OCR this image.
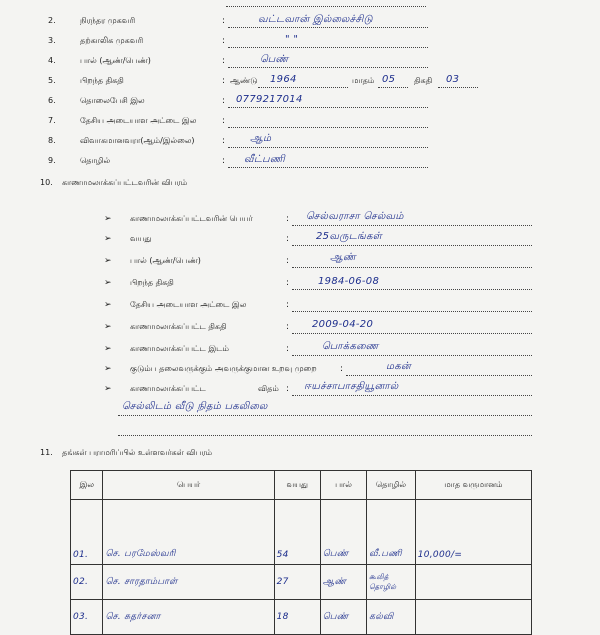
2.	நிரந்தர முகவரி	:	வட்டவான் இல்லைச்சிடு
3.	தற்காலிக முகவரி	:	" "
4.	பால் (ஆண்/பெண்)	:	பெண்
5.	பிறந்த திகதி	: ஆண்டு 1964	மாதம் 05 திகதி 03
6.	தொலைபேசி இல	: 0779217014
7.	தேசிய அடையாள அட்டை இல	:
8.	விவாகமானவரா(ஆம்/இல்லை)	: ஆம்
9.	தொழில்	: வீட்பணி
10.	காணாமலாக்கப்பட்டவரின் விபரம்
➢ காணாமலாக்கப்பட்டவரின் பெயர்	: செல்வராசா செல்வம்
➢ வயது	:	25வருடங்கள்
➢ பால் (ஆண்/பெண்)	:	ஆண்
➢ பிறந்த திகதி	:	1984-06-08
➢ தேசிய அடையாள அட்டை இல	:
➢ காணாமலாக்கப்பட்ட திகதி	: 2009-04-20
➢ காணாமலாக்கப்பட்ட இடம்	:	பொக்கணை
➢ குடும்ப தலைவருக்கும் அவருக்குமான உறவு முறை	:	மகன்
➢ காணாமலாக்கப்பட்ட	விதம் : ஈயச்சாபாசதியூனால்
செல்லிடம் வீடு நிதம் பகலிலை
11.	தங்கள் பராமரிப்பில் உள்ளவர்கள் விபரம்
இல	பெயர்	வயது	பால்	தொழில்	மாத வருமானம்
01.	செ. பரமேஸ்வரி	54	பெண்	வீ.பணி	10,000/=
02.	செ. சாரதாம்பாள்	27	ஆண்	கூலித் தொழில்	
03.	செ. சுதர்சனா	18	பெண்	கல்வி	
